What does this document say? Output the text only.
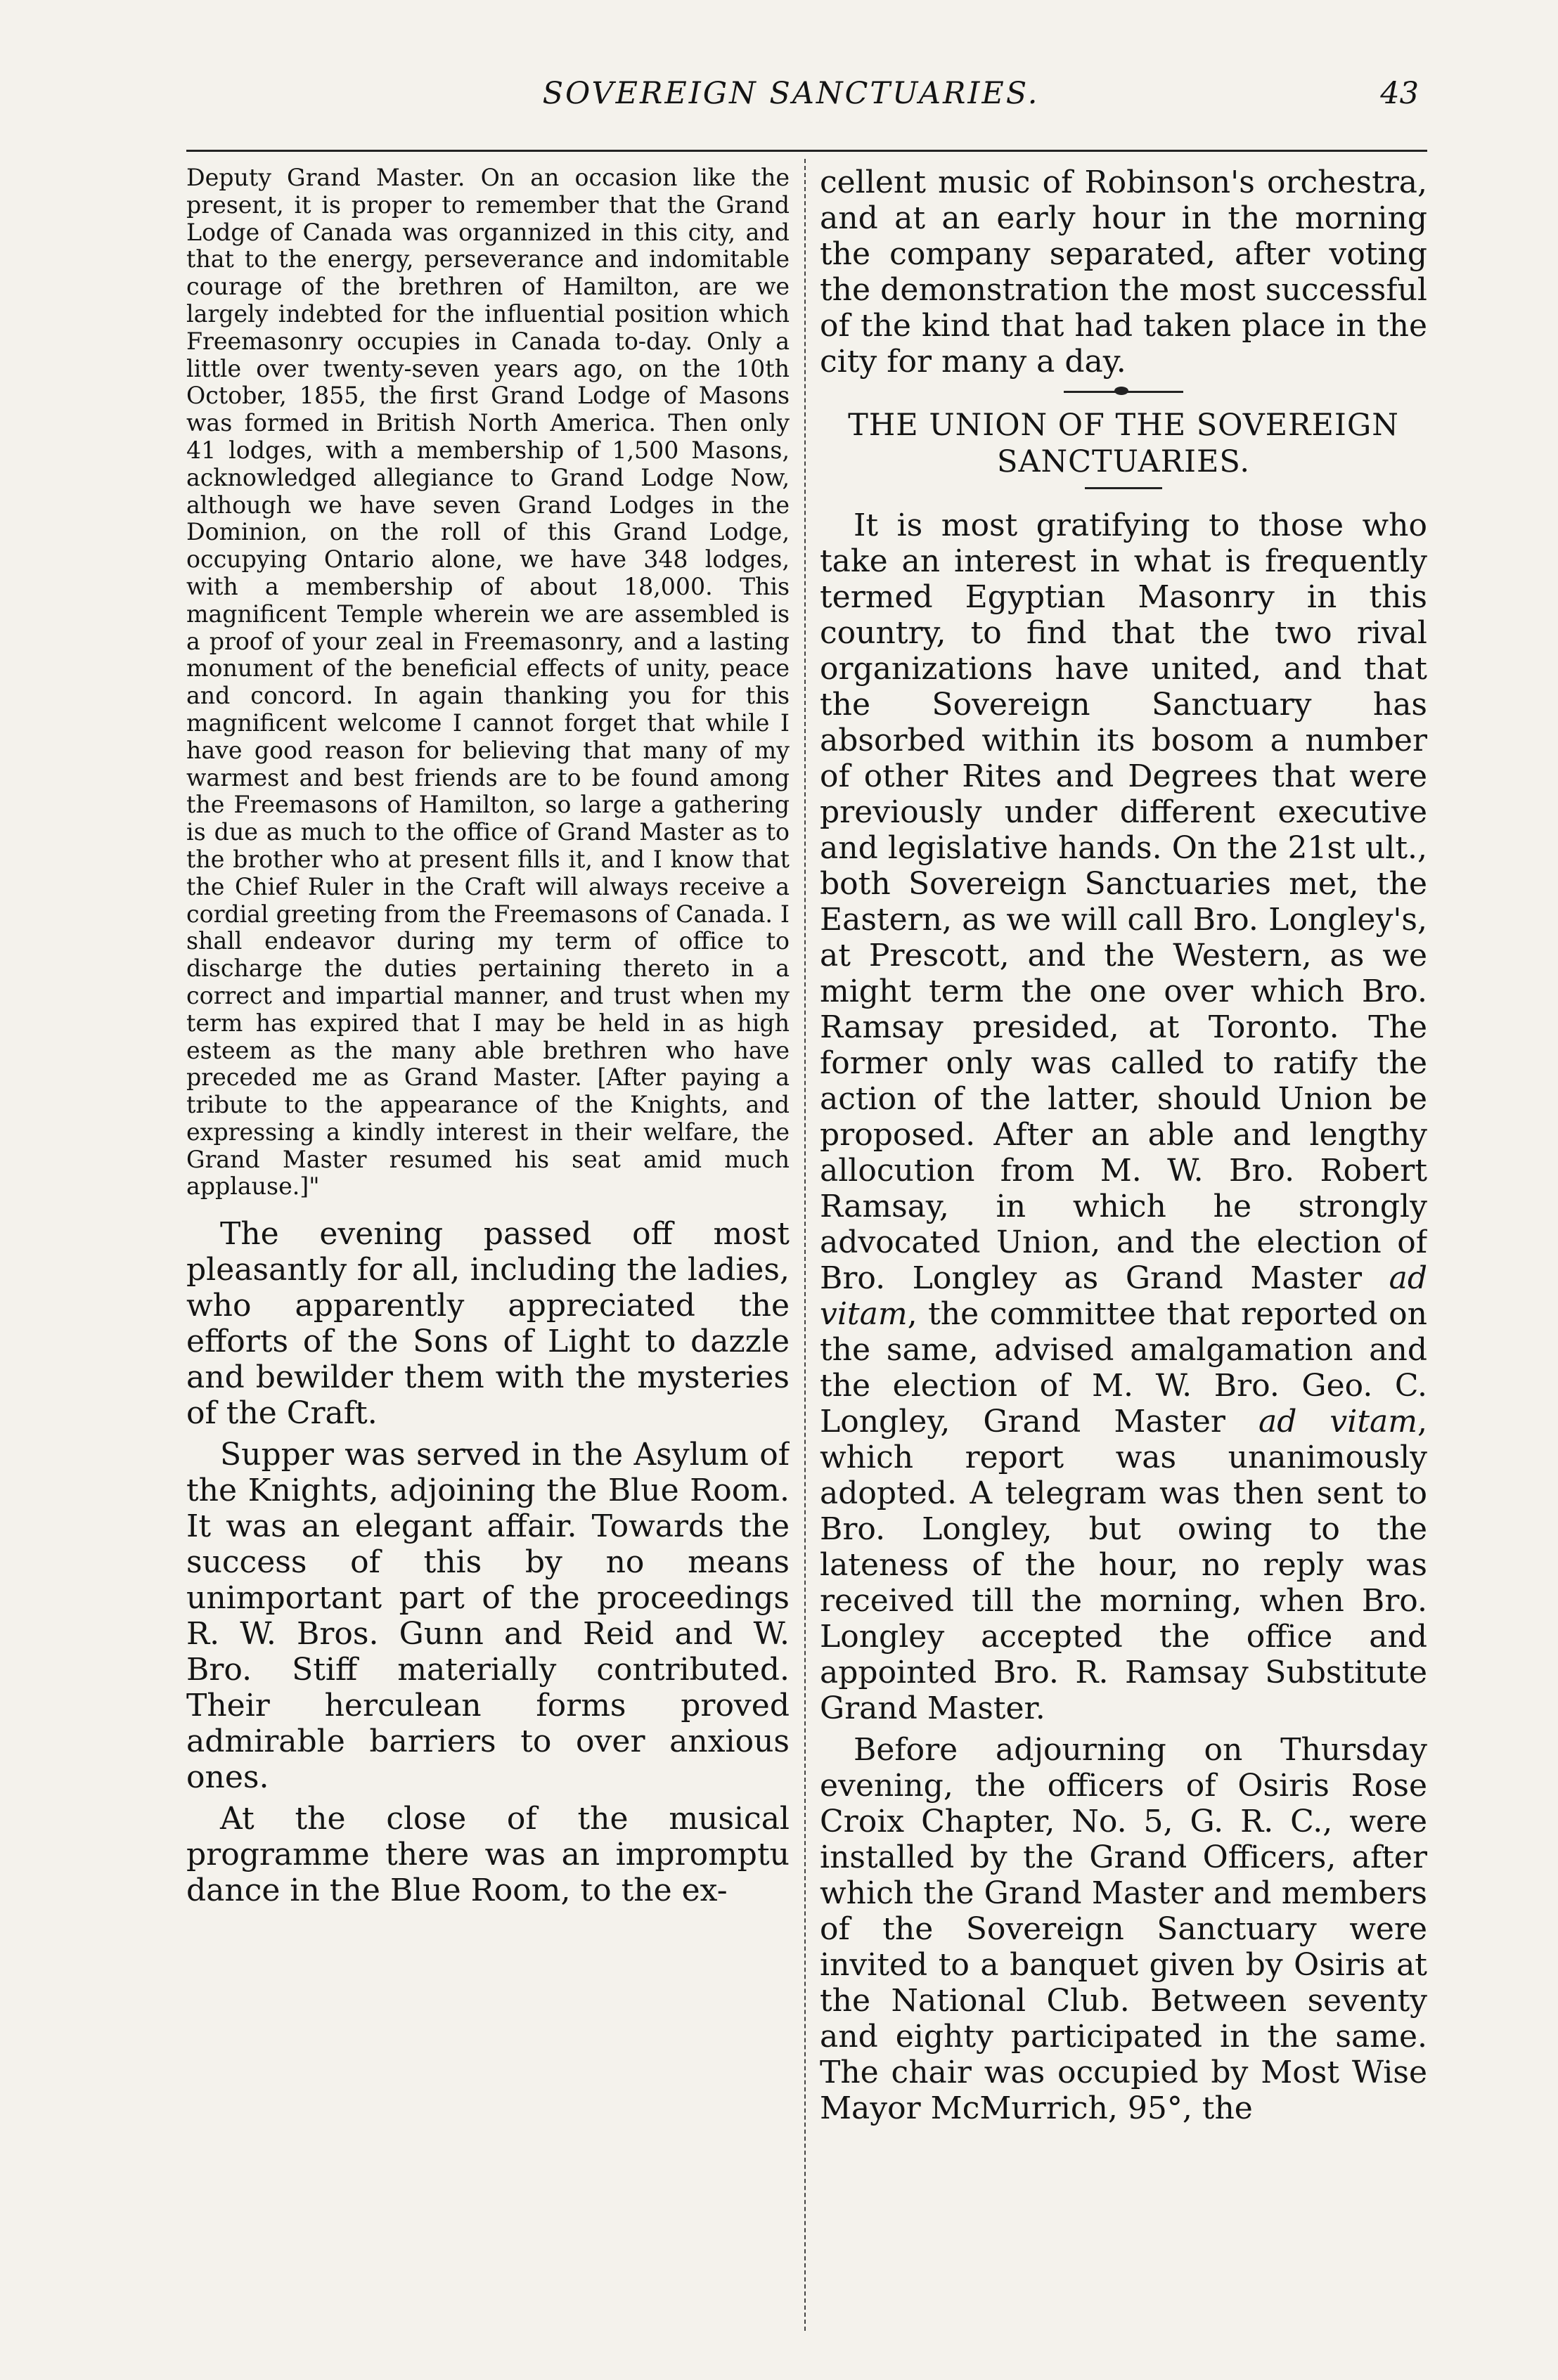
SOVEREIGN SANCTUARIES.	43

Deputy Grand Master. On an occasion like the present, it is proper to remember that the Grand Lodge of Canada was organnized in this city, and that to the energy, perseverance and indomitable courage of the brethren of Hamilton, are we largely indebted for the influential position which Freemasonry occupies in Canada to-day. Only a little over twenty-seven years ago, on the 10th October, 1855, the first Grand Lodge of Masons was formed in British North America. Then only 41 lodges, with a membership of 1,500 Masons, acknowledged allegiance to Grand Lodge Now, although we have seven Grand Lodges in the Dominion, on the roll of this Grand Lodge, occupying Ontario alone, we have 348 lodges, with a membership of about 18,000. This magnificent Temple wherein we are assembled is a proof of your zeal in Freemasonry, and a lasting monument of the beneficial effects of unity, peace and concord. In again thanking you for this magnificent welcome I cannot forget that while I have good reason for believing that many of my warmest and best friends are to be found among the Freemasons of Hamilton, so large a gathering is due as much to the office of Grand Master as to the brother who at present fills it, and I know that the Chief Ruler in the Craft will always receive a cordial greeting from the Freemasons of Canada. I shall endeavor during my term of office to discharge the duties pertaining thereto in a correct and impartial manner, and trust when my term has expired that I may be held in as high esteem as the many able brethren who have preceded me as Grand Master. [After paying a tribute to the appearance of the Knights, and expressing a kindly interest in their welfare, the Grand Master resumed his seat amid much applause.]"

The evening passed off most pleasantly for all, including the ladies, who apparently appreciated the efforts of the Sons of Light to dazzle and bewilder them with the mysteries of the Craft.

Supper was served in the Asylum of the Knights, adjoining the Blue Room. It was an elegant affair. Towards the success of this by no means unimportant part of the proceedings R. W. Bros. Gunn and Reid and W. Bro. Stiff materially contributed. Their herculean forms proved admirable barriers to over anxious ones.

At the close of the musical programme there was an impromptu dance in the Blue Room, to the ex-

cellent music of Robinson's orchestra, and at an early hour in the morning the company separated, after voting the demonstration the most successful of the kind that had taken place in the city for many a day.

THE UNION OF THE SOVEREIGN SANCTUARIES.

It is most gratifying to those who take an interest in what is frequently termed Egyptian Masonry in this country, to find that the two rival organizations have united, and that the Sovereign Sanctuary has absorbed within its bosom a number of other Rites and Degrees that were previously under different executive and legislative hands. On the 21st ult., both Sovereign Sanctuaries met, the Eastern, as we will call Bro. Longley's, at Prescott, and the Western, as we might term the one over which Bro. Ramsay presided, at Toronto. The former only was called to ratify the action of the latter, should Union be proposed. After an able and lengthy allocution from M. W. Bro. Robert Ramsay, in which he strongly advocated Union, and the election of Bro. Longley as Grand Master ad vitam, the committee that reported on the same, advised amalgamation and the election of M. W. Bro. Geo. C. Longley, Grand Master ad vitam, which report was unanimously adopted. A telegram was then sent to Bro. Longley, but owing to the lateness of the hour, no reply was received till the morning, when Bro. Longley accepted the office and appointed Bro. R. Ramsay Substitute Grand Master.

Before adjourning on Thursday evening, the officers of Osiris Rose Croix Chapter, No. 5, G. R. C., were installed by the Grand Officers, after which the Grand Master and members of the Sovereign Sanctuary were invited to a banquet given by Osiris at the National Club. Between seventy and eighty participated in the same. The chair was occupied by Most Wise Mayor McMurrich, 95°, the
